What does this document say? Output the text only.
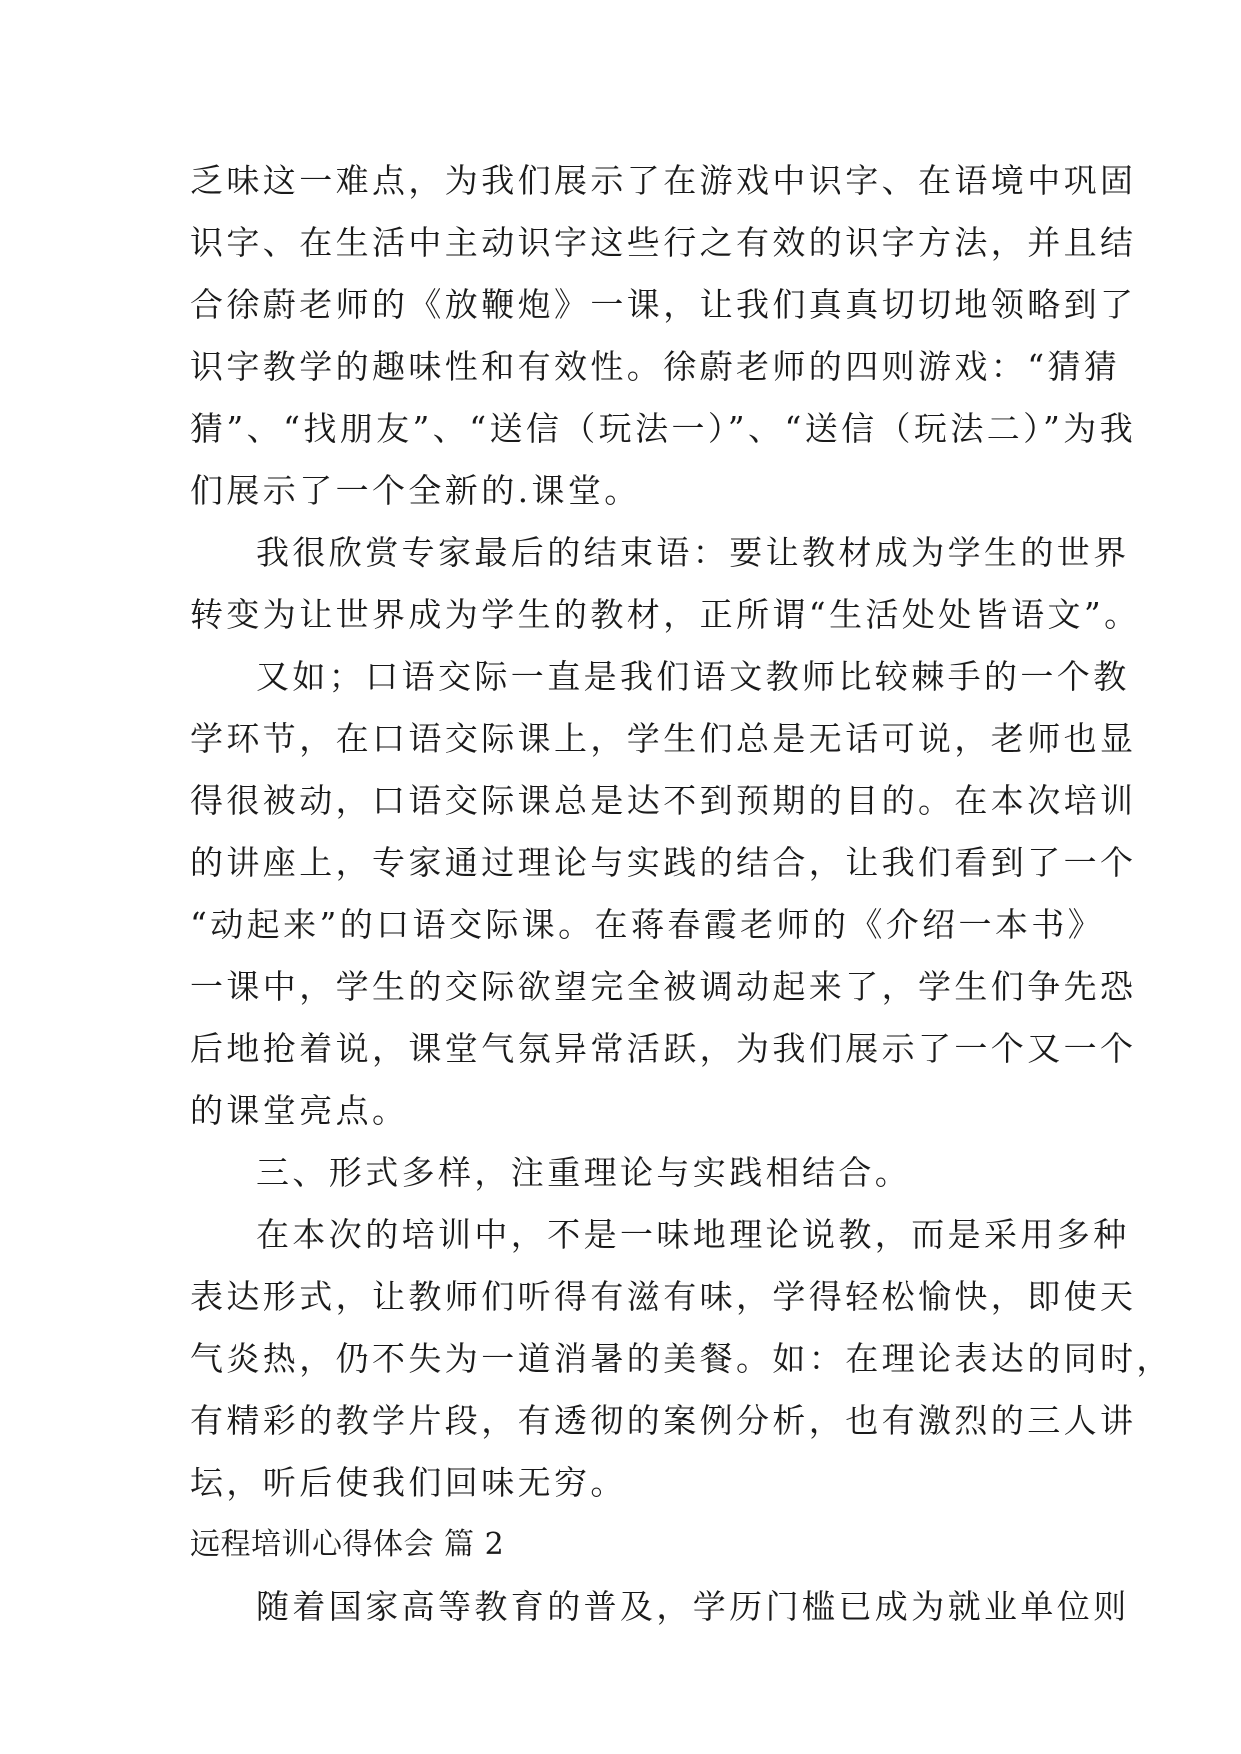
乏味这一难点，为我们展示了在游戏中识字、在语境中巩固
识字、在生活中主动识字这些行之有效的识字方法，并且结
合徐蔚老师的《放鞭炮》一课，让我们真真切切地领略到了
识字教学的趣味性和有效性。徐蔚老师的四则游戏：“猜猜
猜”、“找朋友”、“送信（玩法一）”、“送信（玩法二）”为我
们展示了一个全新的.课堂。
我很欣赏专家最后的结束语：要让教材成为学生的世界
转变为让世界成为学生的教材，正所谓“生活处处皆语文”。
又如；口语交际一直是我们语文教师比较棘手的一个教
学环节，在口语交际课上，学生们总是无话可说，老师也显
得很被动，口语交际课总是达不到预期的目的。在本次培训
的讲座上，专家通过理论与实践的结合，让我们看到了一个
“动起来”的口语交际课。在蒋春霞老师的《介绍一本书》
一课中，学生的交际欲望完全被调动起来了，学生们争先恐
后地抢着说，课堂气氛异常活跃，为我们展示了一个又一个
的课堂亮点。
三、形式多样，注重理论与实践相结合。
在本次的培训中，不是一味地理论说教，而是采用多种
表达形式，让教师们听得有滋有味，学得轻松愉快，即使天
气炎热，仍不失为一道消暑的美餐。如：在理论表达的同时，
有精彩的教学片段，有透彻的案例分析，也有激烈的三人讲
坛，听后使我们回味无穷。
远程培训心得体会 篇 2
随着国家高等教育的普及，学历门槛已成为就业单位则
